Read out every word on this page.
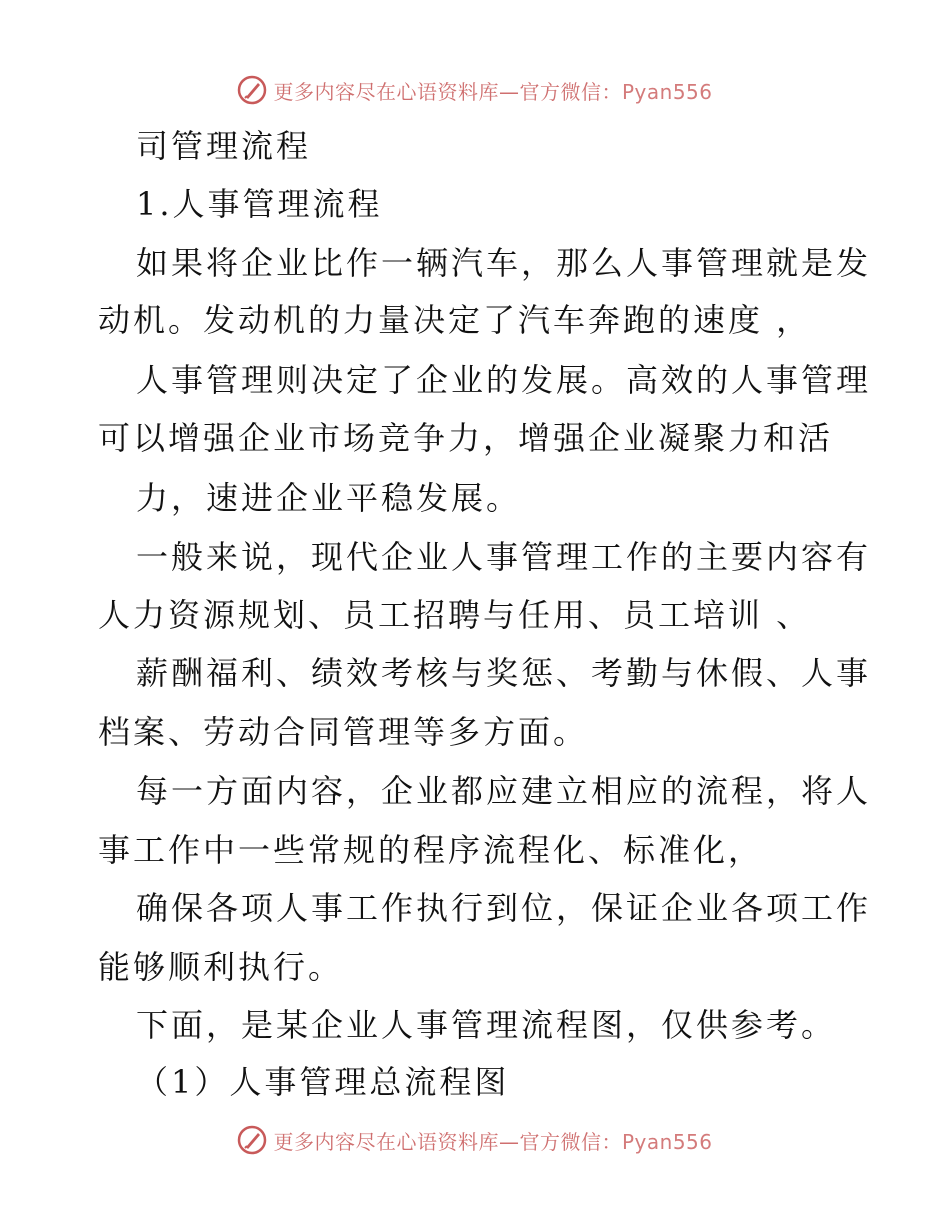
更多内容尽在心语资料库—官方微信：Pyan556
司管理流程
1.人事管理流程
如果将企业比作一辆汽车，那么人事管理就是发
动机。发动机的力量决定了汽车奔跑的速度 ，
人事管理则决定了企业的发展。高效的人事管理
可以增强企业市场竞争力，增强企业凝聚力和活
力，速进企业平稳发展。
一般来说，现代企业人事管理工作的主要内容有
人力资源规划、员工招聘与任用、员工培训 、
薪酬福利、绩效考核与奖惩、考勤与休假、人事
档案、劳动合同管理等多方面。
每一方面内容，企业都应建立相应的流程，将人
事工作中一些常规的程序流程化、标准化，
确保各项人事工作执行到位，保证企业各项工作
能够顺利执行。
下面，是某企业人事管理流程图，仅供参考。
（1）人事管理总流程图
更多内容尽在心语资料库—官方微信：Pyan556
